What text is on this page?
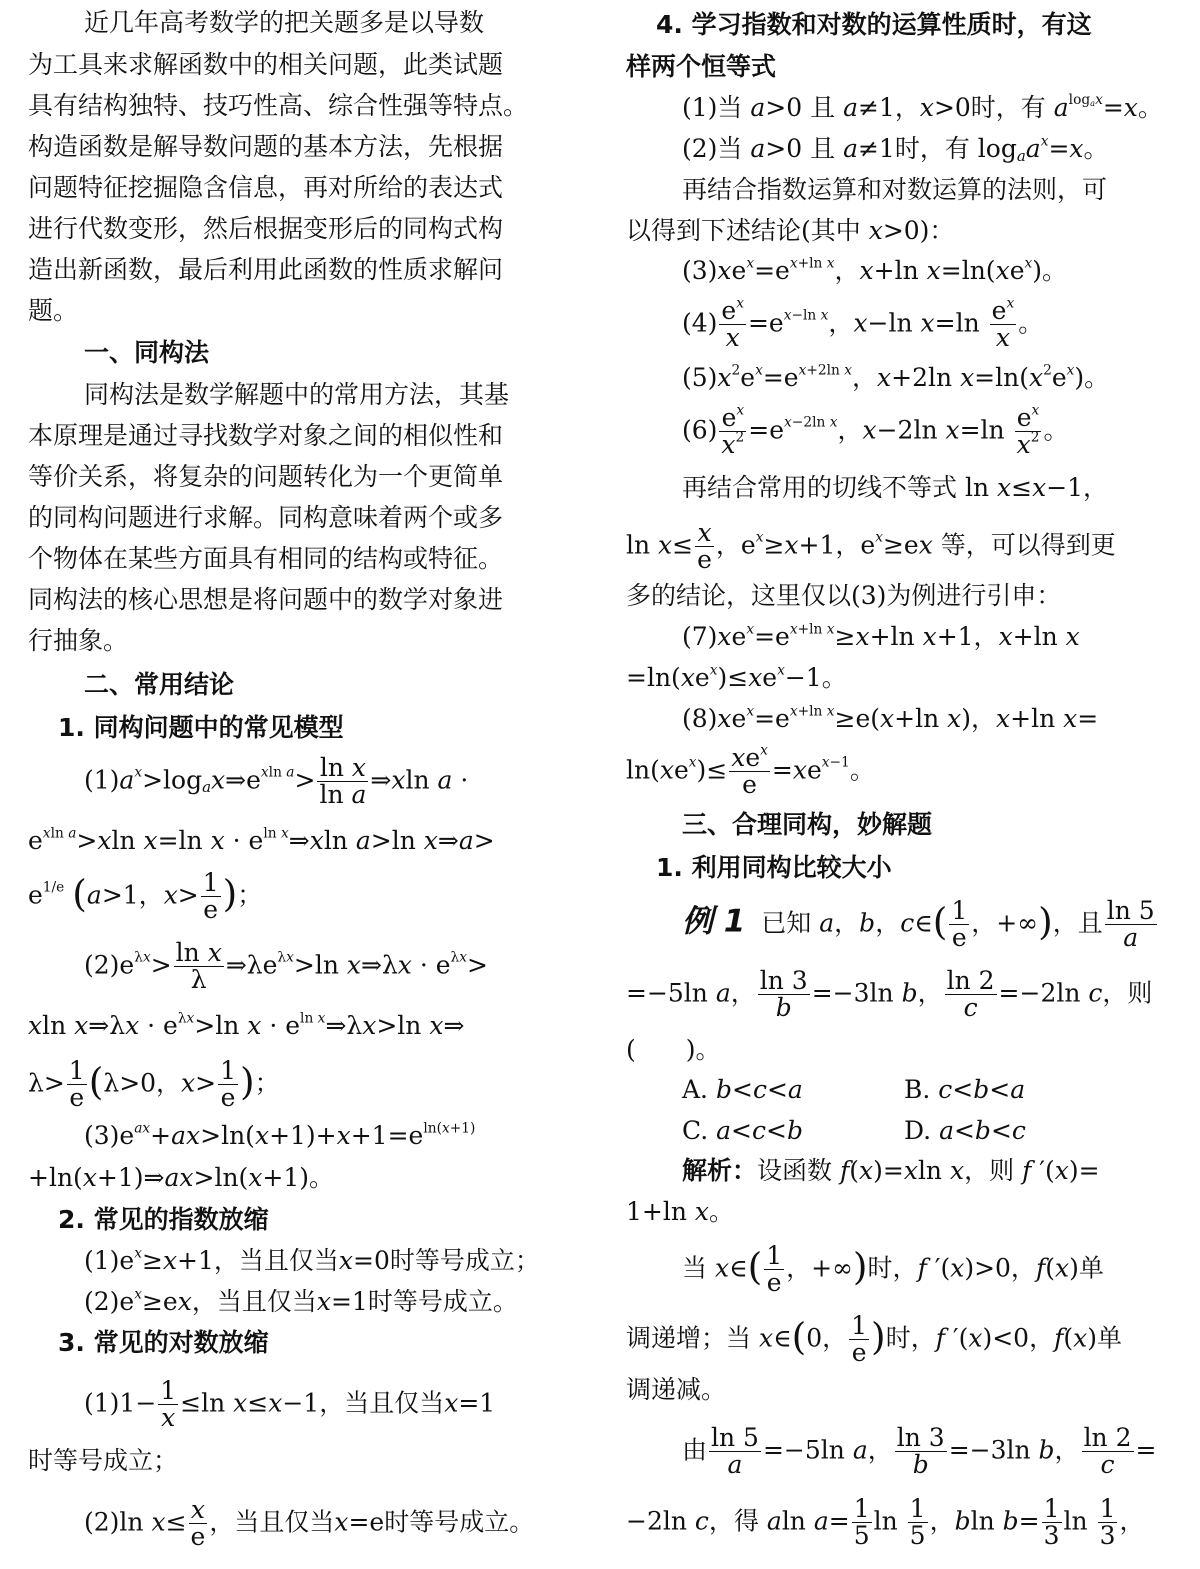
近几年高考数学的把关题多是以导数
为工具来求解函数中的相关问题，此类试题
具有结构独特、技巧性高、综合性强等特点。
构造函数是解导数问题的基本方法，先根据
问题特征挖掘隐含信息，再对所给的表达式
进行代数变形，然后根据变形后的同构式构
造出新函数，最后利用此函数的性质求解问
题。
一、同构法
同构法是数学解题中的常用方法，其基
本原理是通过寻找数学对象之间的相似性和
等价关系，将复杂的问题转化为一个更简单
的同构问题进行求解。同构意味着两个或多
个物体在某些方面具有相同的结构或特征。
同构法的核心思想是将问题中的数学对象进
行抽象。
二、常用结论
1. 同构问题中的常见模型
$(1)a^x>\log_ax\Rightarrow e^{xln a}> \frac{\text{ln x}}{\text{ln a}}$ ⇒xln a ·
$e^{xln a}>xln$ x=ln $x \cdot e^{ln x}\Rightarrow xln$ a>ln x⇒a>
$e^{1/e}$ (a>1，$x> \frac{1}{e}$ )；
$(2)e^{\lambda x}> \frac{\text{ln x}}{\lambda}$ $\Rightarrow\lambda e^{\lambda x}>\ln$ x⇒λx · $e^{\lambda x}>$
xln x⇒λx · $e^{\lambda x}>\ln$ $x \cdot e^{ln x}\Rightarrow\lambda x>\ln$ x⇒
$\lambda> \frac{1}{e} (\lambda>0$，$x> \frac{1}{e}$ )；
$(3)e^{ax}+ax>\ln(x+1)+x+1=e^{ln(x+1)}$
+ln(x+1)⇒ax>ln(x+1)。
2. 常见的指数放缩
$(1)e^x\ge x+1$，当且仅当x=0时等号成立；
$(2)e^x\ge ex$，当且仅当x=1时等号成立。
3. 常见的对数放缩
$(1)1- \frac{1}{x} \le\ln$ x≤x−1，当且仅当x=1
时等号成立；
(2)ln $x\le \frac{x}{e}$ ，当且仅当x=e时等号成立。
4. 学习指数和对数的运算性质时，有这
样两个恒等式
(1)当 a>0 且 a≠1，x>0时，有 $a^{log_ax}=x$。
(2)当 a>0 且 a≠1时，有 $\log_aa^x=x$。
再结合指数运算和对数运算的法则，可
以得到下述结论(其中 x>0)：
$(3)xe^x=e^{x+ln x}$，x+ln $x=\ln(xe^x)$。
$(4) \frac{e^x}{x} =e^{x-ln x}$，x−ln $x=\ln \frac{e^x}{x}$ 。
$(5)x^2e^x=e^{x+2ln x}$，x+2ln $x=\ln(x^2e^x)$。
$(6) \frac{e^x}{x^2} =e^{x-2ln x}$，x−2ln $x=\ln \frac{e^x}{x^2}$ 。
再结合常用的切线不等式 ln x≤x−1，
$\ln x\le \frac{x}{e}$ ，$e^x\ge x+1$，$e^x\ge ex$ 等，可以得到更
多的结论，这里仅以(3)为例进行引申：
$(7)xe^x=e^{x+ln x}\ge x+\ln$ x+1，x+ln x
$=\ln(xe^x)\le xe^x-1$。
$(8)xe^x=e^{x+ln x}\ge e(x+\ln$ x)，x+ln x=
$\ln(xe^x)\le \frac{xe^x}{e} =xe^{x-1}$。
三、合理同构，妙解题
1. 利用同构比较大小
例 1 已知 a，b，c∈( $\frac{1}{e}$ ，+∞)，且 $\frac{\ln 5}{a}$
=−5ln a， $\frac{\ln 3}{b} =-3\ln$ b， $\frac{\ln 2}{c} =-2\ln$ c，则
(　　)。
A. b<c<a	B. c<b<a
C. a<c<b	D. a<b<c
解析：设函数 f(x)=xln x，则 f ′(x)=
1+ln x。
当 x∈( $\frac{1}{e}$ ，+∞)时，f ′(x)>0，f(x)单
调递增；当 x∈(0， $\frac{1}{e}$ )时，f ′(x)<0，f(x)单
调递减。
由 $\frac{\ln 5}{a} =-5\ln$ a， $\frac{\ln 3}{b} =-3\ln$ b， $\frac{\ln 2}{c}$ =
−2ln c，得 aln $a= \frac{1}{5}$ $\ln \frac{1}{5}$ ，bln $b= \frac{1}{3}$ $\ln \frac{1}{3}$ ，
